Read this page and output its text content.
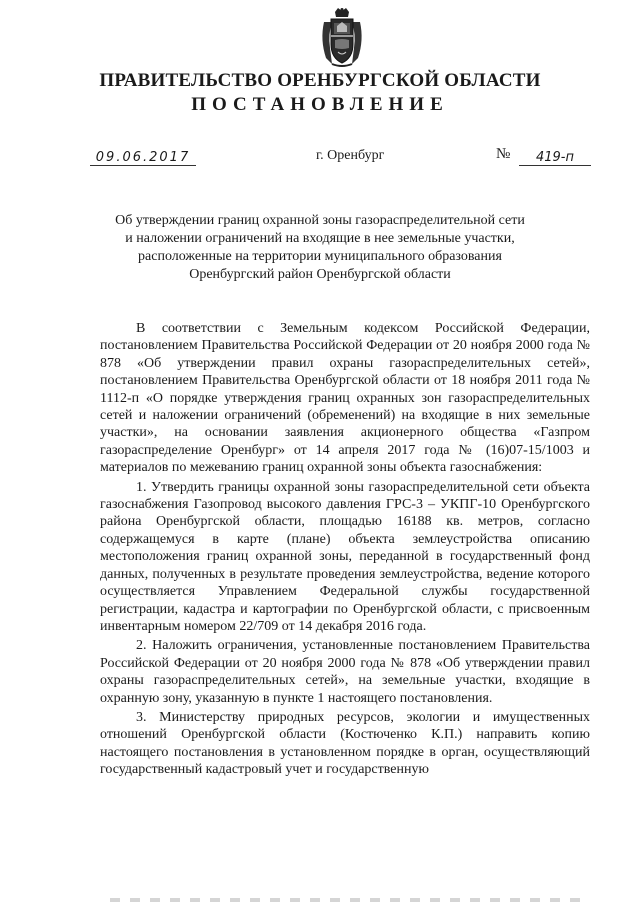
ПРАВИТЕЛЬСТВО ОРЕНБУРГСКОЙ ОБЛАСТИ
ПОСТАНОВЛЕНИЕ
09.06.2017	г. Оренбург	№	419-п
Об утверждении границ охранной зоны газораспределительной сети
и наложении ограничений на входящие в нее земельные участки,
расположенные на территории муниципального образования
Оренбургский район Оренбургской области

В соответствии с Земельным кодексом Российской Федерации, постановлением Правительства Российской Федерации от 20 ноября 2000 года № 878 «Об утверждении правил охраны газораспределительных сетей», постановлением Правительства Оренбургской области от 18 ноября 2011 года № 1112-п «О порядке утверждения границ охранных зон газораспределительных сетей и наложении ограничений (обременений) на входящие в них земельные участки», на основании заявления акционерного общества «Газпром газораспределение Оренбург» от 14 апреля 2017 года № (16)07-15/1003 и материалов по межеванию границ охранной зоны объекта газоснабжения:

1. Утвердить границы охранной зоны газораспределительной сети объекта газоснабжения Газопровод высокого давления ГРС-3 – УКПГ-10 Оренбургского района Оренбургской области, площадью 16188 кв. метров, согласно содержащемуся в карте (плане) объекта землеустройства описанию местоположения границ охранной зоны, переданной в государственный фонд данных, полученных в результате проведения землеустройства, ведение которого осуществляется Управлением Федеральной службы государственной регистрации, кадастра и картографии по Оренбургской области, с присвоенным инвентарным номером 22/709 от 14 декабря 2016 года.

2. Наложить ограничения, установленные постановлением Правительства Российской Федерации от 20 ноября 2000 года № 878 «Об утверждении правил охраны газораспределительных сетей», на земельные участки, входящие в охранную зону, указанную в пункте 1 настоящего постановления.

3. Министерству природных ресурсов, экологии и имущественных отношений Оренбургской области (Костюченко К.П.) направить копию настоящего постановления в установленном порядке в орган, осуществляющий государственный кадастровый учет и государственную
